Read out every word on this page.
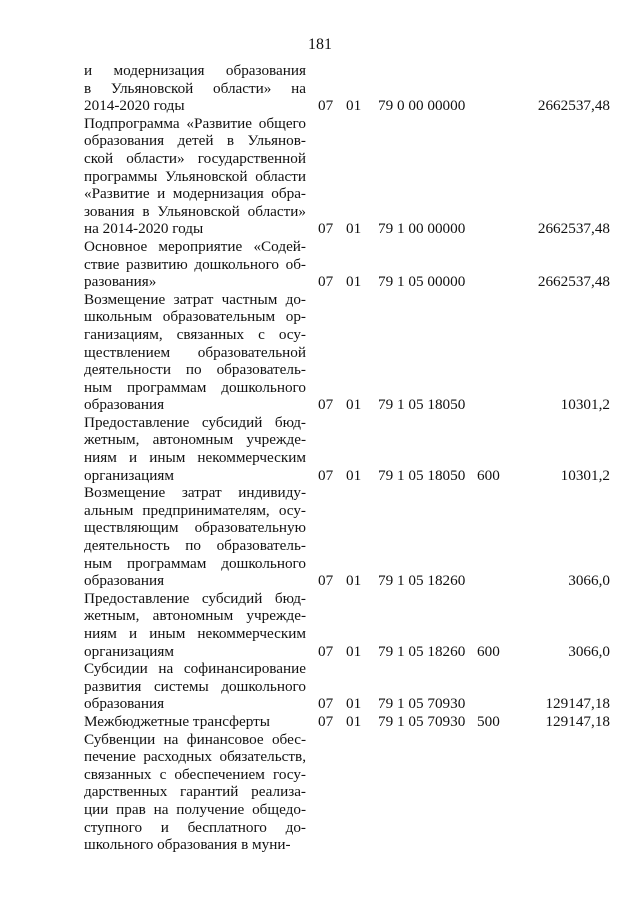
181
и модернизация образования
в Ульяновской области» на
2014-2020 годы	07 01 79 0 00 00000	2662537,48
Подпрограмма «Развитие общего
образования детей в Ульянов-
ской области» государственной
программы Ульяновской области
«Развитие и модернизация обра-
зования в Ульяновской области»
на 2014-2020 годы	07 01 79 1 00 00000	2662537,48
Основное мероприятие «Содей-
ствие развитию дошкольного об-
разования»	07 01 79 1 05 00000	2662537,48
Возмещение затрат частным до-
школьным образовательным ор-
ганизациям, связанных с осу-
ществлением образовательной
деятельности по образователь-
ным программам дошкольного
образования	07 01 79 1 05 18050	10301,2
Предоставление субсидий бюд-
жетным, автономным учрежде-
ниям и иным некоммерческим
организациям	07 01 79 1 05 18050 600	10301,2
Возмещение затрат индивиду-
альным предпринимателям, осу-
ществляющим образовательную
деятельность по образователь-
ным программам дошкольного
образования	07 01 79 1 05 18260	3066,0
Предоставление субсидий бюд-
жетным, автономным учрежде-
ниям и иным некоммерческим
организациям	07 01 79 1 05 18260 600	3066,0
Субсидии на софинансирование
развития системы дошкольного
образования	07 01 79 1 05 70930	129147,18
Межбюджетные трансферты	07 01 79 1 05 70930 500	129147,18
Субвенции на финансовое обес-
печение расходных обязательств,
связанных с обеспечением госу-
дарственных гарантий реализа-
ции прав на получение общедо-
ступного и бесплатного до-
школьного образования в муни-
